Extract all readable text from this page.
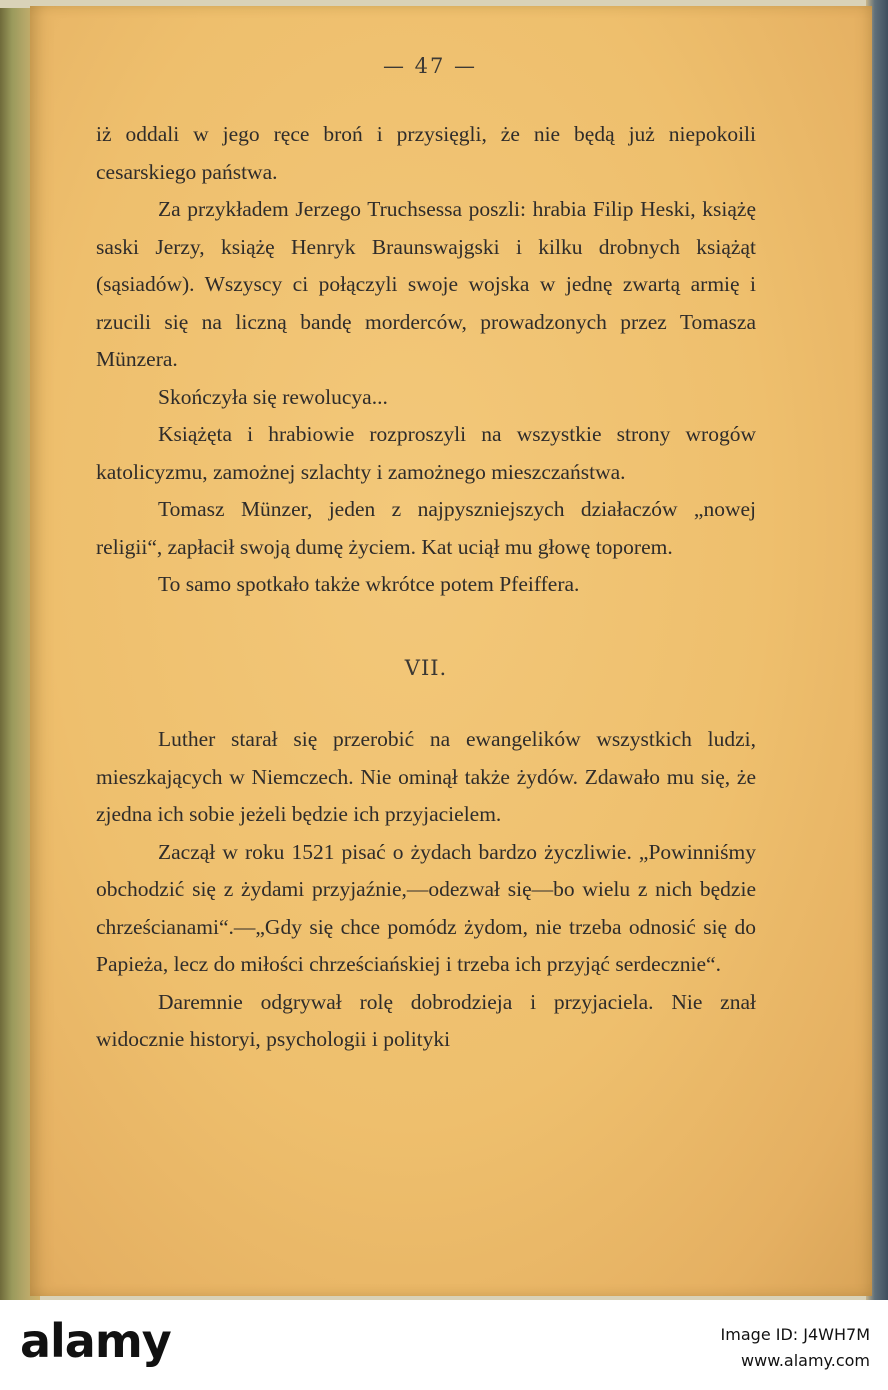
— 47 —

iż oddali w jego ręce broń i przysięgli, że nie będą już niepokoili cesarskiego państwa.

Za przykładem Jerzego Truchsessa poszli: hrabia Filip Heski, książę saski Jerzy, książę Henryk Braunswajgski i kilku drobnych książąt (sąsiadów). Wszyscy ci połączyli swoje wojska w jednę zwartą armię i rzucili się na liczną bandę morderców, prowadzonych przez Tomasza Münzera.

Skończyła się rewolucya...

Książęta i hrabiowie rozproszyli na wszystkie strony wrogów katolicyzmu, zamożnej szlachty i zamożnego mieszczaństwa.

Tomasz Münzer, jeden z najpyszniejszych działaczów „nowej religii“, zapłacił swoją dumę życiem. Kat uciął mu głowę toporem.

To samo spotkało także wkrótce potem Pfeiffera.

VII.

Luther starał się przerobić na ewangelików wszystkich ludzi, mieszkających w Niemczech. Nie ominął także żydów. Zdawało mu się, że zjedna ich sobie jeżeli będzie ich przyjacielem.

Zaczął w roku 1521 pisać o żydach bardzo życzliwie. „Powinniśmy obchodzić się z żydami przyjaźnie,—odezwał się—bo wielu z nich będzie chrześcianami“.—„Gdy się chce pomódz żydom, nie trzeba odnosić się do Papieża, lecz do miłości chrześciańskiej i trzeba ich przyjąć serdecznie“.

Daremnie odgrywał rolę dobrodzieja i przyjaciela. Nie znał widocznie historyi, psychologii i polityki

alamy	Image ID: J4WH7M
www.alamy.com
